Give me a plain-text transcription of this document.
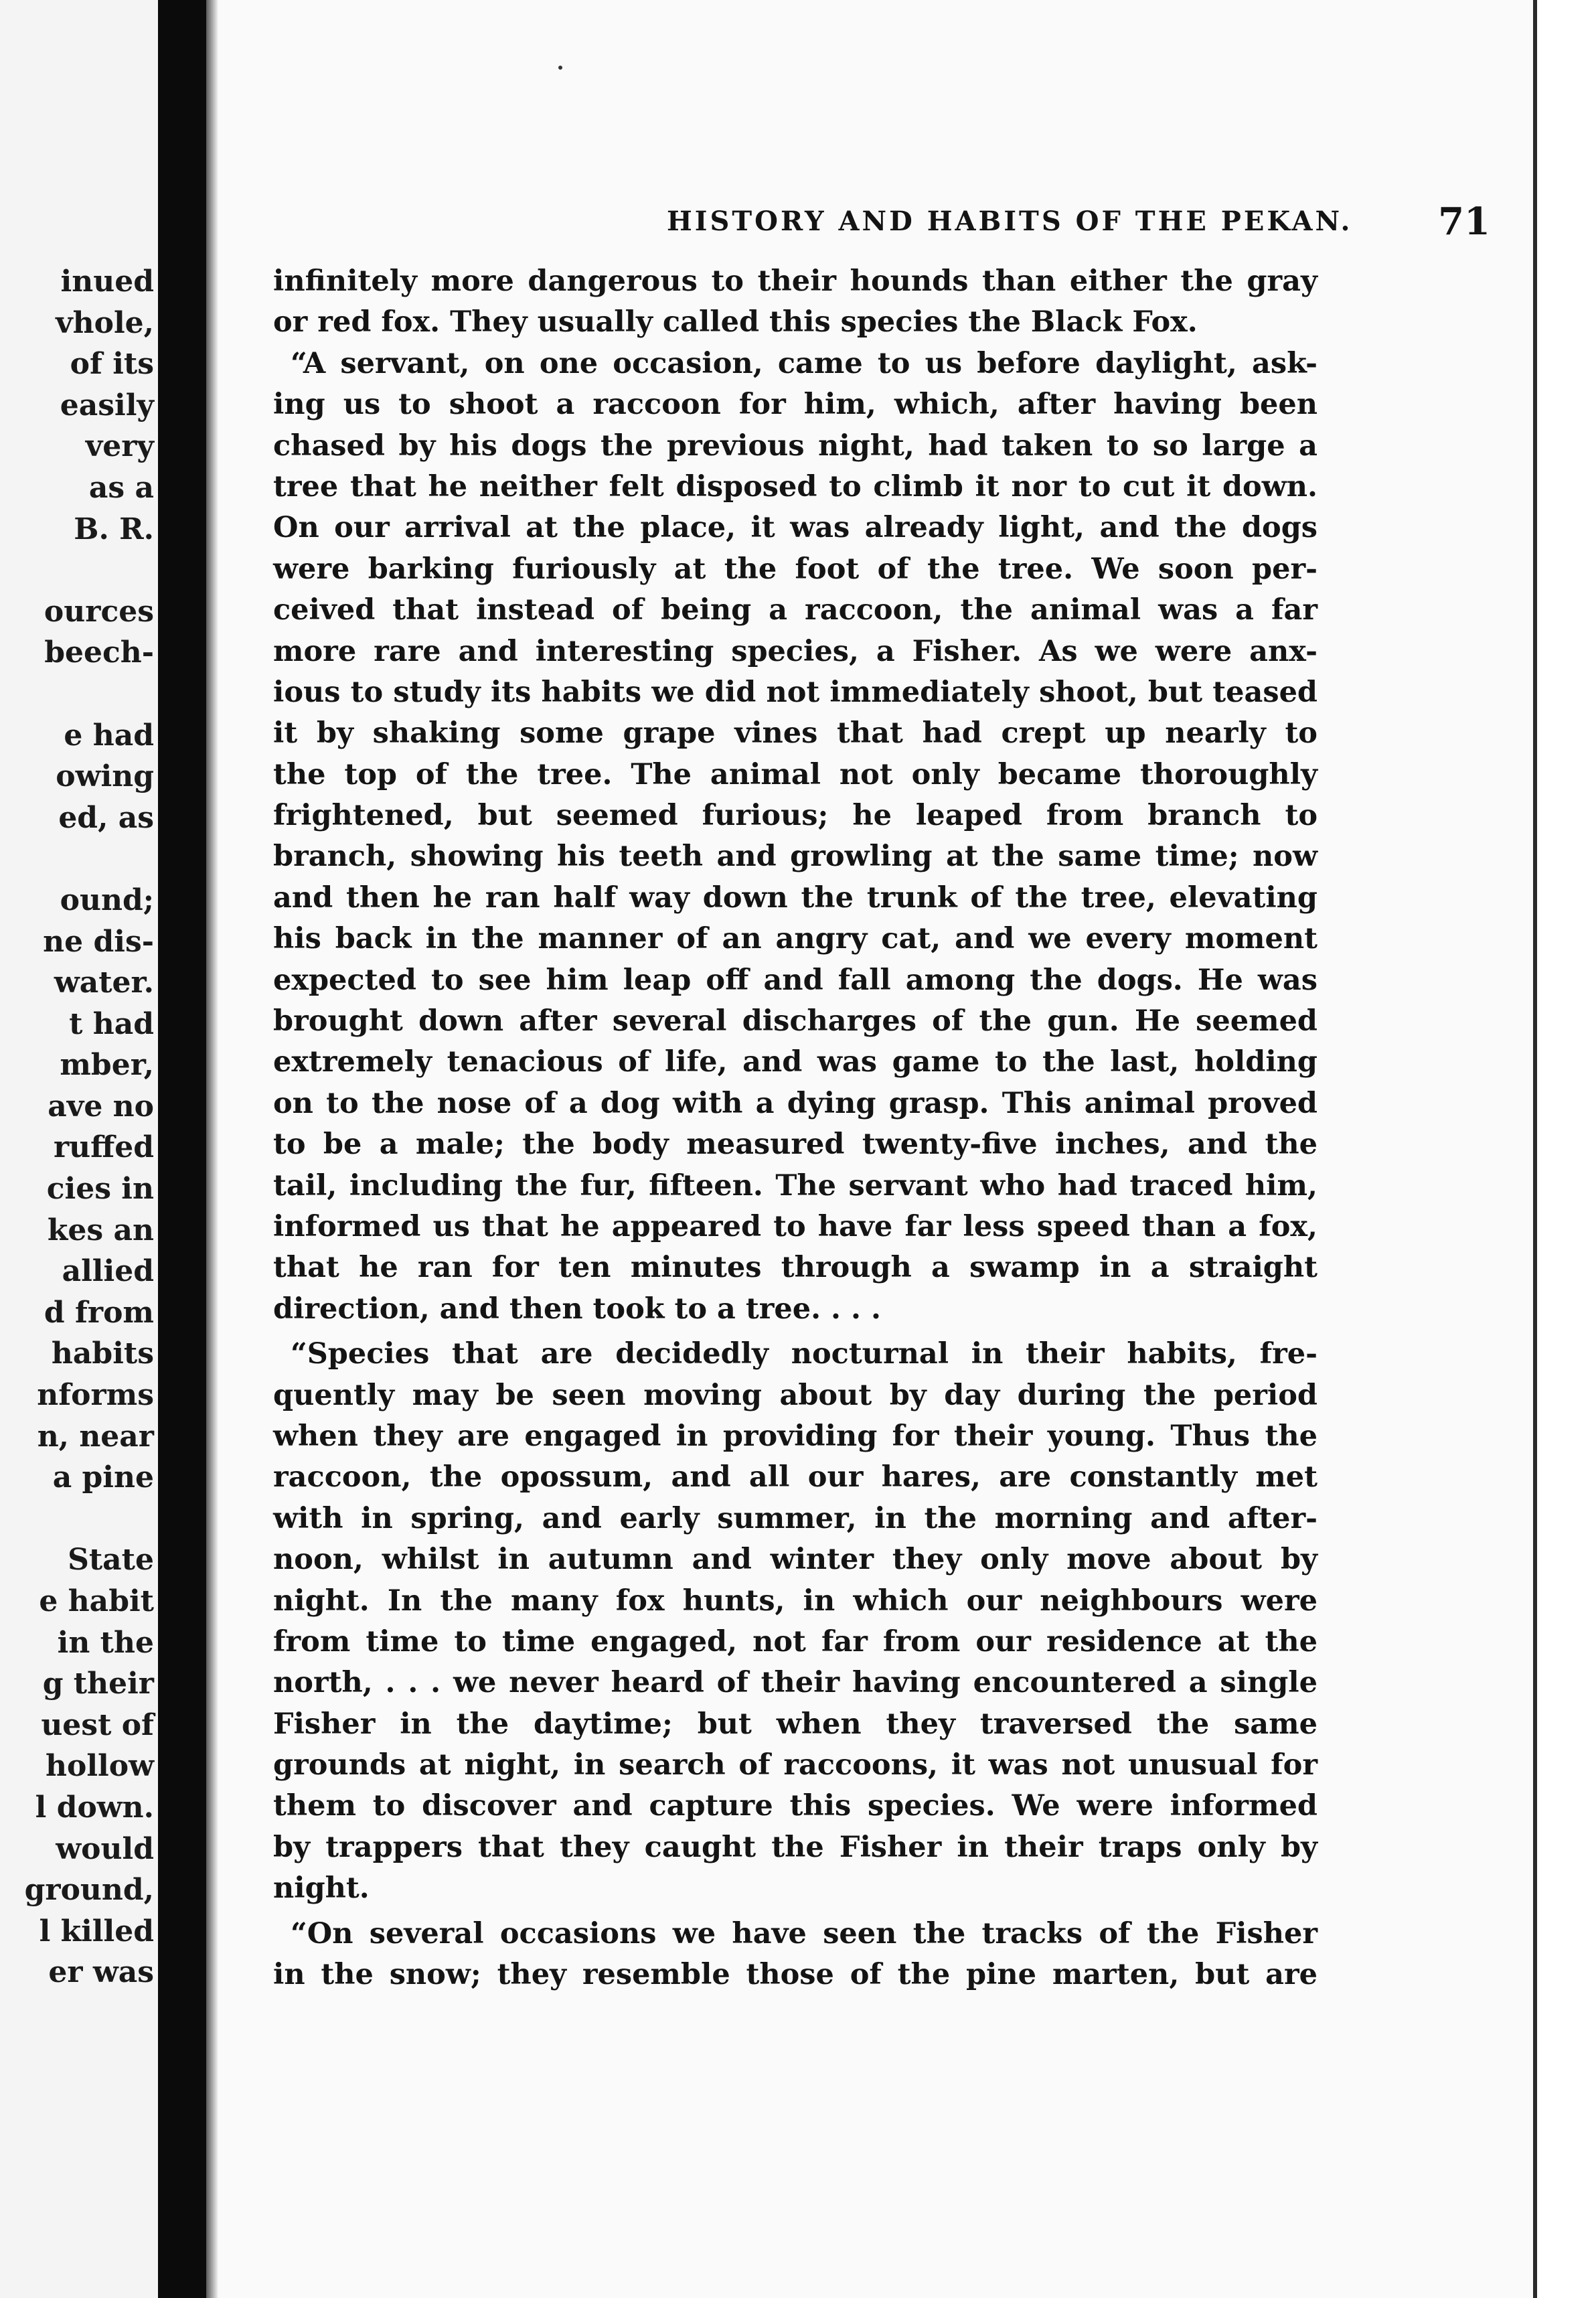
inued
vhole,
of its
easily
very
as a
B. R.
ources
beech-
e had
owing
ed, as
ound;
ne dis-
water.
t had
mber,
ave no
ruffed
cies in
kes an
allied
d from
habits
nforms
n, near
a pine
State
e habit
in the
g their
uest of
hollow
l down.
would
ground,
l killed
er was
HISTORY AND HABITS OF THE PEKAN. 71
infinitely more dangerous to their hounds than either the gray
or red fox. They usually called this species the Black Fox.
“A servant, on one occasion, came to us before daylight, ask-
ing us to shoot a raccoon for him, which, after having been
chased by his dogs the previous night, had taken to so large a
tree that he neither felt disposed to climb it nor to cut it down.
On our arrival at the place, it was already light, and the dogs
were barking furiously at the foot of the tree. We soon per-
ceived that instead of being a raccoon, the animal was a far
more rare and interesting species, a Fisher. As we were anx-
ious to study its habits we did not immediately shoot, but teased
it by shaking some grape vines that had crept up nearly to
the top of the tree. The animal not only became thoroughly
frightened, but seemed furious; he leaped from branch to
branch, showing his teeth and growling at the same time; now
and then he ran half way down the trunk of the tree, elevating
his back in the manner of an angry cat, and we every moment
expected to see him leap off and fall among the dogs. He was
brought down after several discharges of the gun. He seemed
extremely tenacious of life, and was game to the last, holding
on to the nose of a dog with a dying grasp. This animal proved
to be a male; the body measured twenty-five inches, and the
tail, including the fur, fifteen. The servant who had traced him,
informed us that he appeared to have far less speed than a fox,
that he ran for ten minutes through a swamp in a straight
direction, and then took to a tree. . . .
“Species that are decidedly nocturnal in their habits, fre-
quently may be seen moving about by day during the period
when they are engaged in providing for their young. Thus the
raccoon, the opossum, and all our hares, are constantly met
with in spring, and early summer, in the morning and after-
noon, whilst in autumn and winter they only move about by
night. In the many fox hunts, in which our neighbours were
from time to time engaged, not far from our residence at the
north, . . . we never heard of their having encountered a single
Fisher in the daytime; but when they traversed the same
grounds at night, in search of raccoons, it was not unusual for
them to discover and capture this species. We were informed
by trappers that they caught the Fisher in their traps only by
night.
“On several occasions we have seen the tracks of the Fisher
in the snow; they resemble those of the pine marten, but are
